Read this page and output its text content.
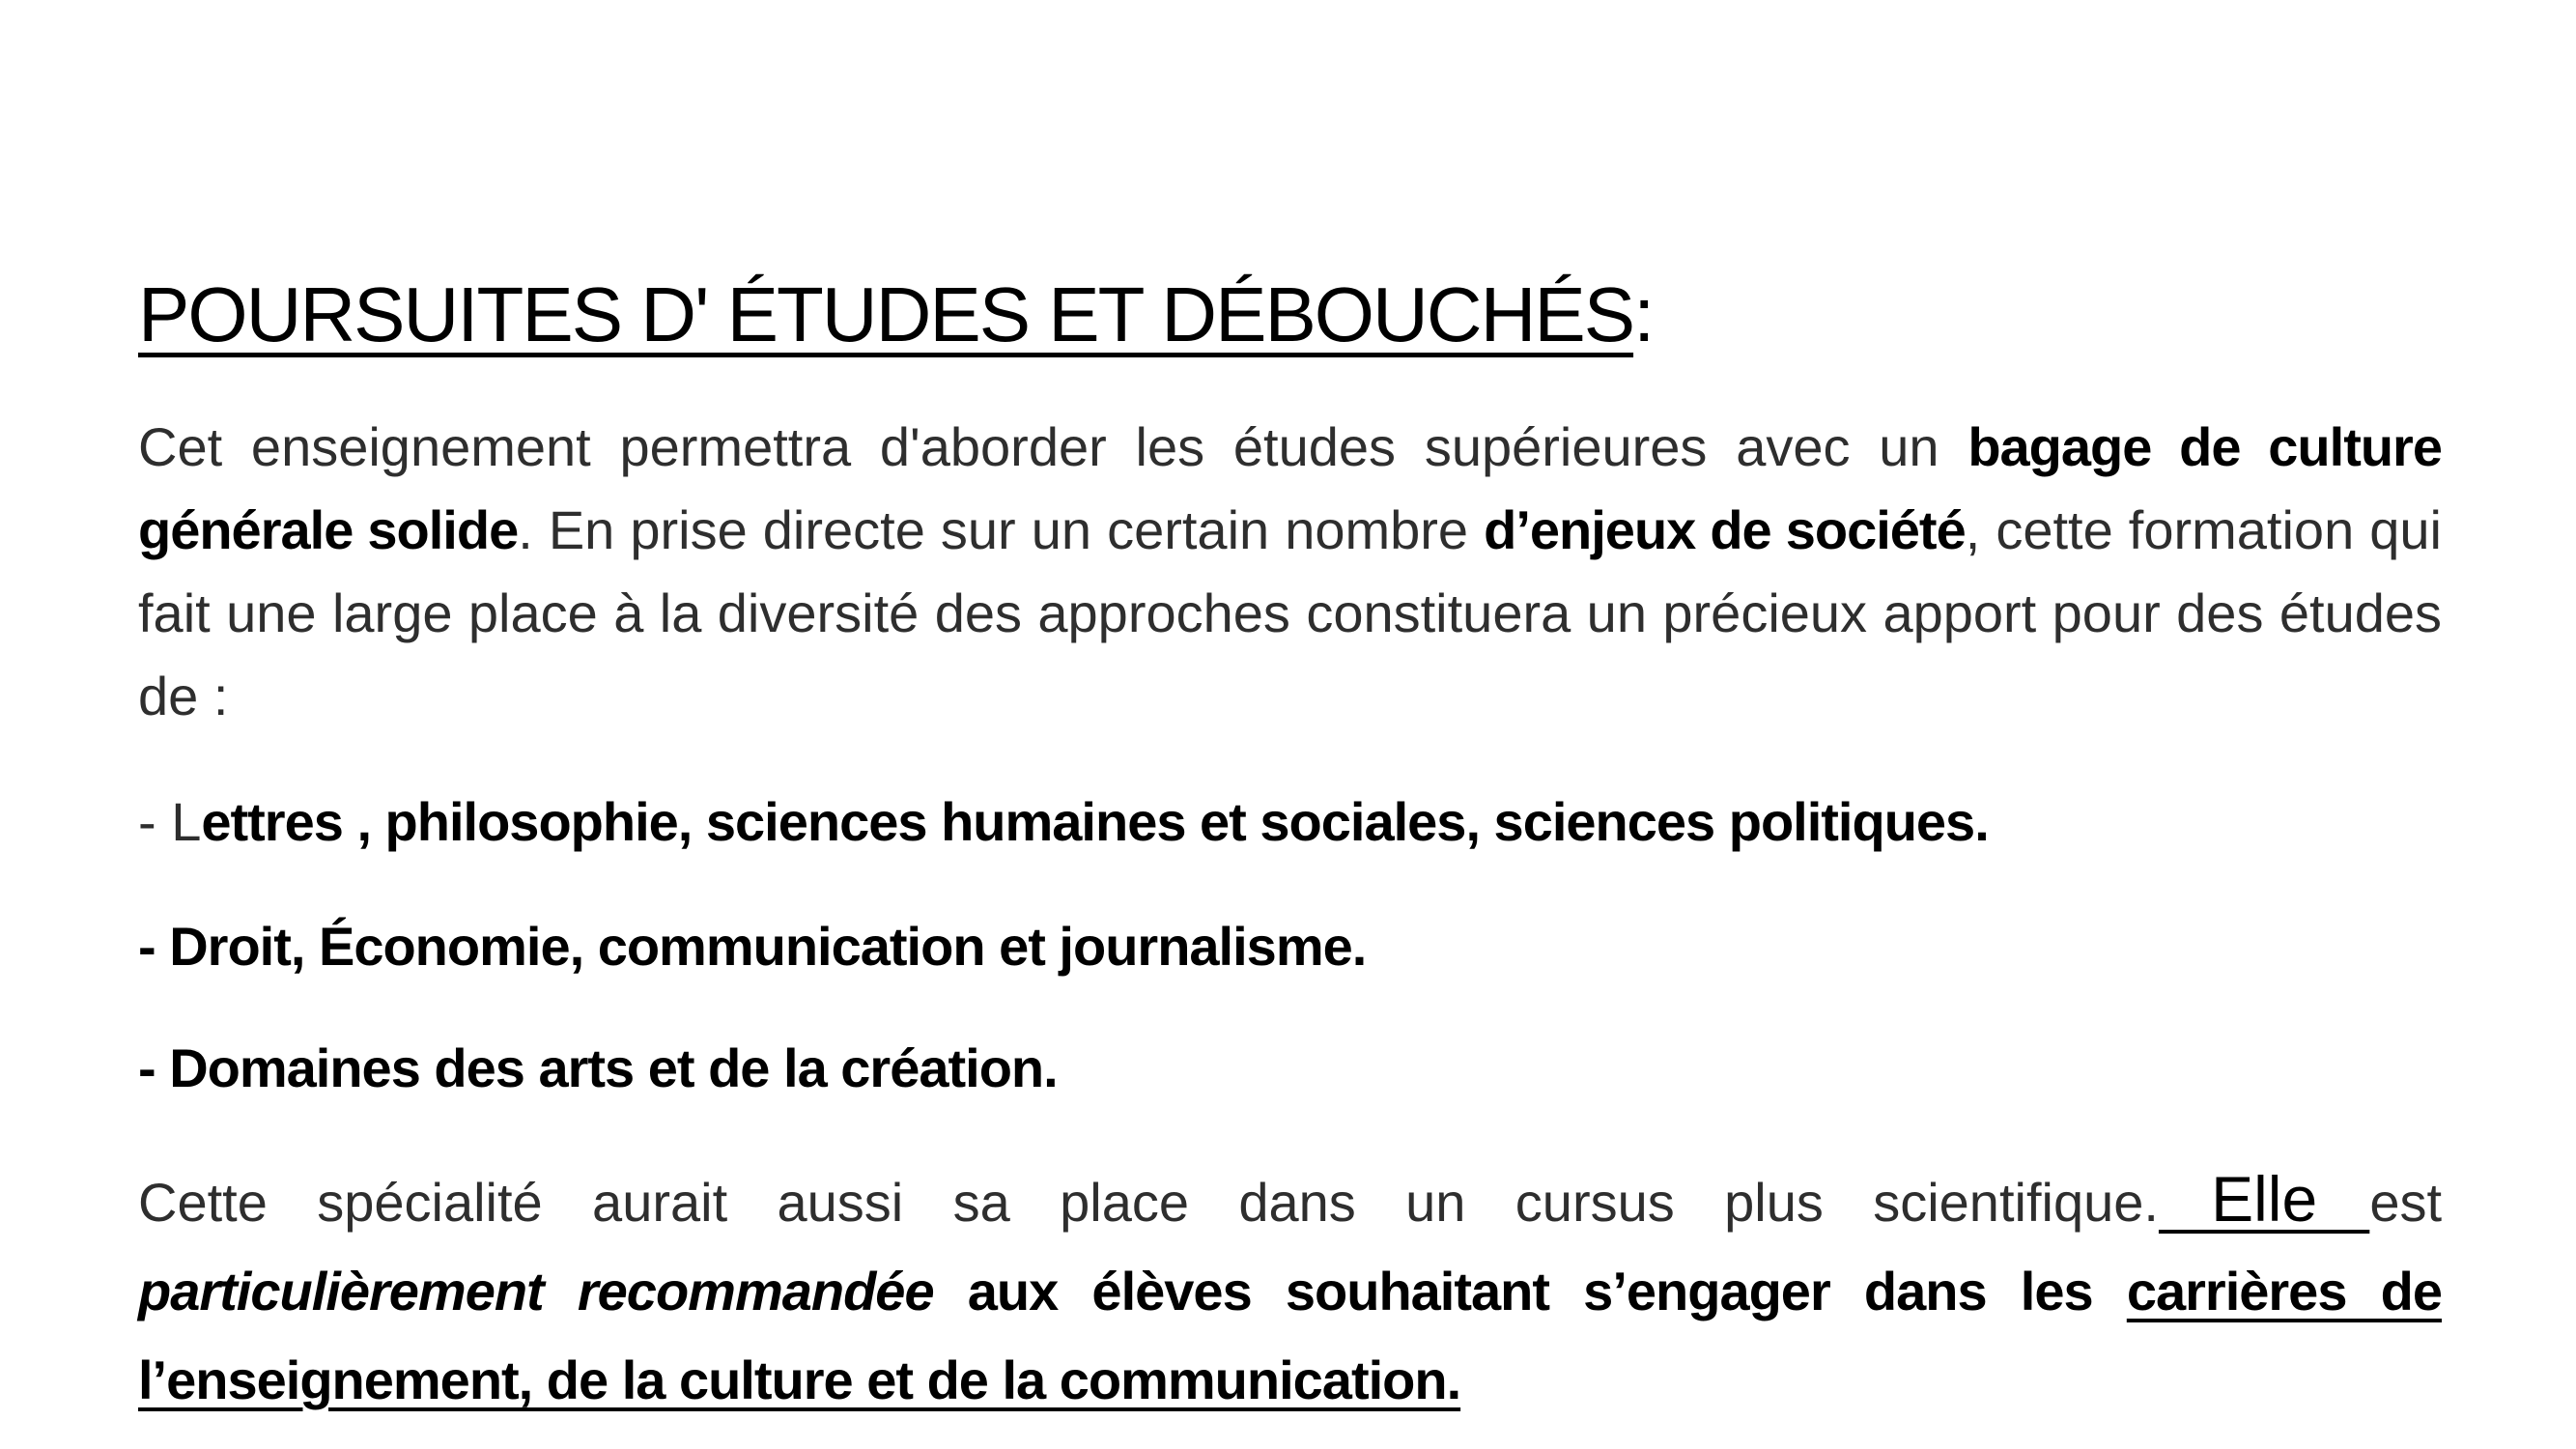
POURSUITES D' ÉTUDES ET DÉBOUCHÉS:

Cet enseignement permettra d'aborder les études supérieures avec un bagage de culture générale solide. En prise directe sur un certain nombre d’enjeux de société, cette formation qui fait une large place à la diversité des approches constituera un précieux apport pour des études de :

- Lettres , philosophie, sciences humaines et sociales, sciences politiques.

- Droit, Économie, communication et journalisme.

- Domaines des arts et de la création.

Cette spécialité aurait aussi sa place dans un cursus plus scientifique. Elle est particulièrement recommandée aux élèves souhaitant s’engager dans les carrières de l’enseignement, de la culture et de la communication.
